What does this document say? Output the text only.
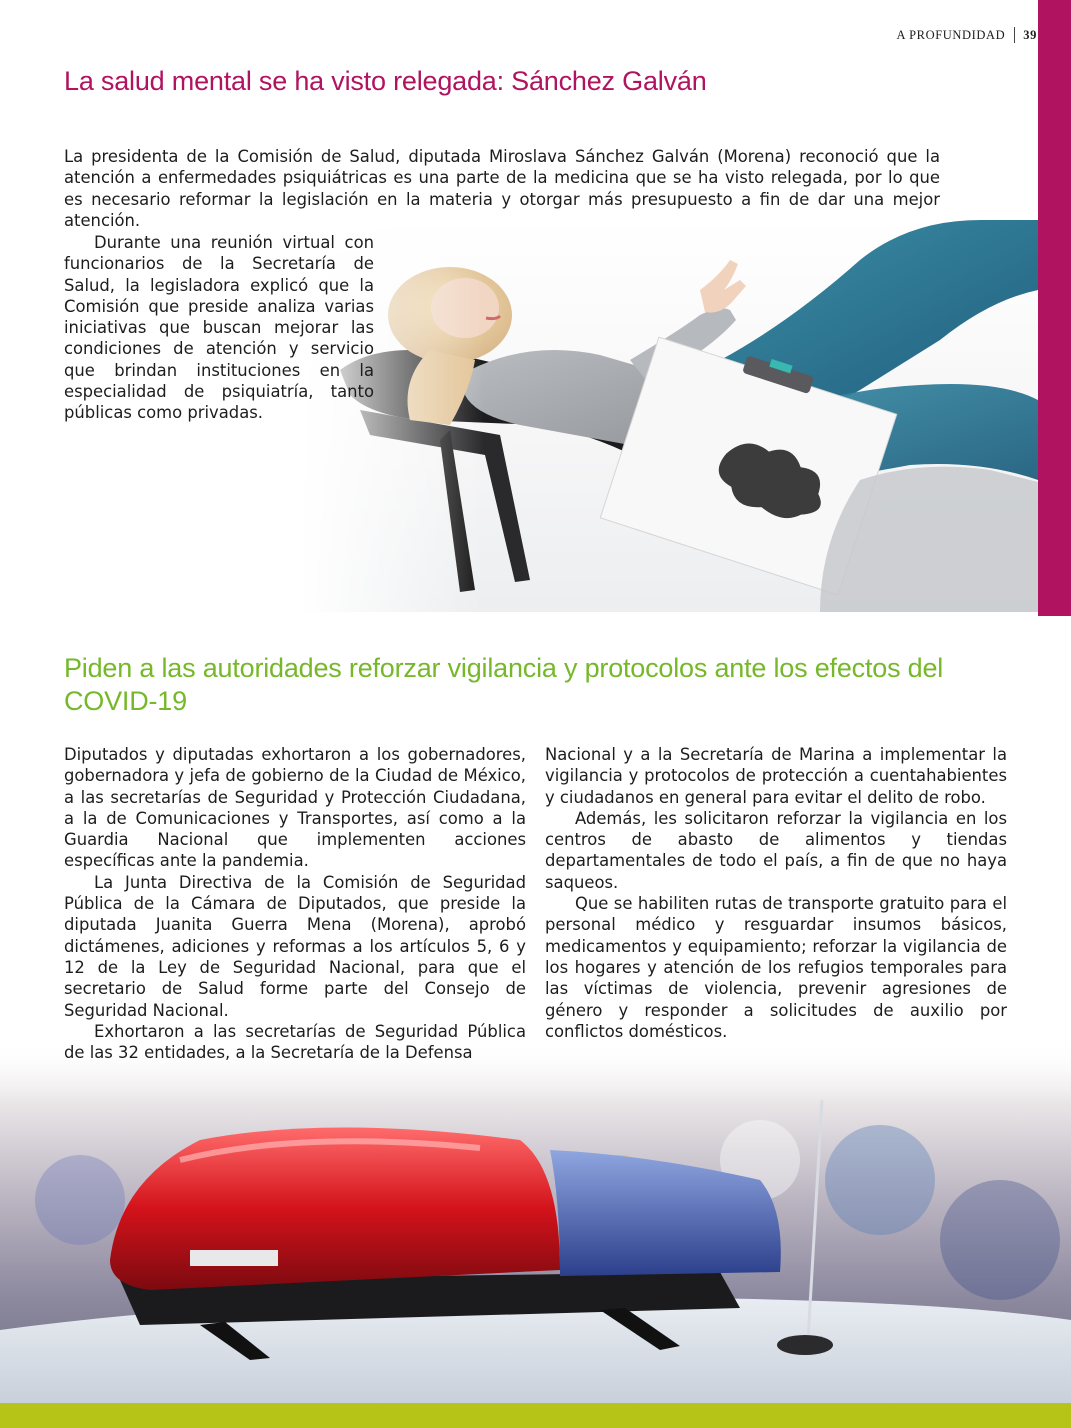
A PROFUNDIDAD 39
La salud mental se ha visto relegada: Sánchez Galván

La presidenta de la Comisión de Salud, diputada Miroslava Sánchez Galván (Morena) reconoció que la atención a enfermedades psiquiátricas es una parte de la medicina que se ha visto relegada, por lo que es necesario reformar la legislación en la materia y otorgar más presupuesto a fin de dar una mejor atención.

Durante una reunión virtual con funcionarios de la Secretaría de Salud, la legisladora explicó que la Comisión que preside analiza varias iniciativas que buscan mejorar las condiciones de atención y servicio que brindan instituciones en la especialidad de psiquiatría, tanto públicas como privadas.

Piden a las autoridades reforzar vigilancia y protocolos ante los efectos del COVID-19

Diputados y diputadas exhortaron a los gobernadores, gobernadora y jefa de gobierno de la Ciudad de México, a las secretarías de Seguridad y Protección Ciudadana, a la de Comunicaciones y Transportes, así como a la Guardia Nacional que implementen acciones específicas ante la pandemia.

La Junta Directiva de la Comisión de Seguridad Pública de la Cámara de Diputados, que preside la diputada Juanita Guerra Mena (Morena), aprobó dictámenes, adiciones y reformas a los artículos 5, 6 y 12 de la Ley de Seguridad Nacional, para que el secretario de Salud forme parte del Consejo de Seguridad Nacional.

Exhortaron a las secretarías de Seguridad Pública de las 32 entidades, a la Secretaría de la Defensa

Nacional y a la Secretaría de Marina a implementar la vigilancia y protocolos de protección a cuentahabientes y ciudadanos en general para evitar el delito de robo.

Además, les solicitaron reforzar la vigilancia en los centros de abasto de alimentos y tiendas departamentales de todo el país, a fin de que no haya saqueos.

Que se habiliten rutas de transporte gratuito para el personal médico y resguardar insumos básicos, medicamentos y equipamiento; reforzar la vigilancia de los hogares y atención de los refugios temporales para las víctimas de violencia, prevenir agresiones de género y responder a solicitudes de auxilio por conflictos domésticos.
